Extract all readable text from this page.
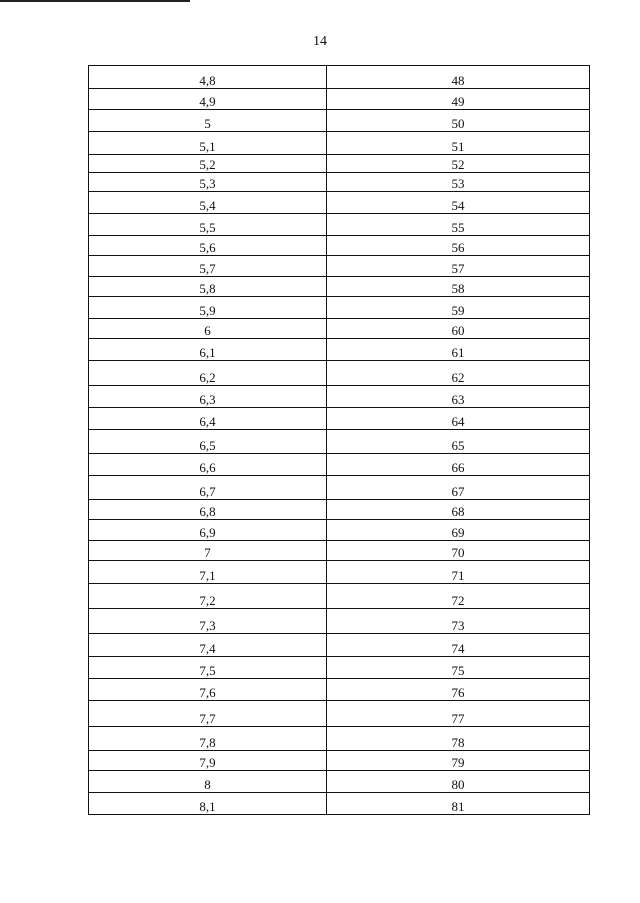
14
4,8	48

4,9	49

5	50

5,1	51

5,2	52

5,3	53

5,4	54

5,5	55

5,6	56

5,7	57

5,8	58

5,9	59

6	60

6,1	61

6,2	62

6,3	63

6,4	64

6,5	65

6,6	66

6,7	67

6,8	68

6,9	69

7	70

7,1	71

7,2	72

7,3	73

7,4	74

7,5	75

7,6	76

7,7	77

7,8	78

7,9	79

8	80

8,1	81
